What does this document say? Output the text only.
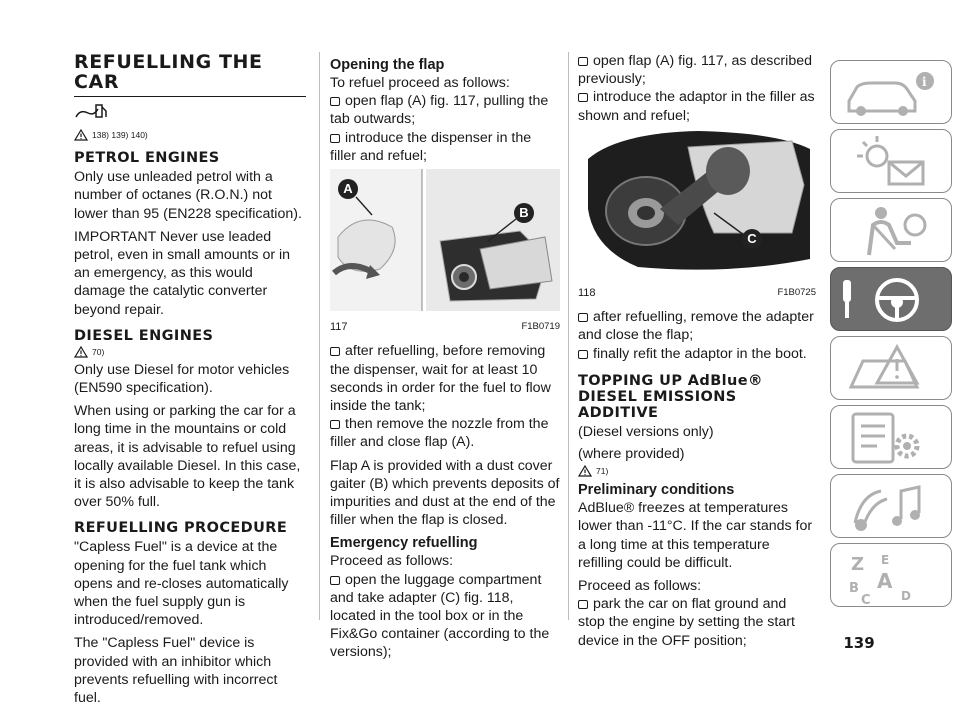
REFUELLING THE CAR
138) 139) 140)
PETROL ENGINES

Only use unleaded petrol with a number of octanes (R.O.N.) not lower than 95 (EN228 specification).

IMPORTANT Never use leaded petrol, even in small amounts or in an emergency, as this would damage the catalytic converter beyond repair.

DIESEL ENGINES
70)

Only use Diesel for motor vehicles (EN590 specification).

When using or parking the car for a long time in the mountains or cold areas, it is advisable to refuel using locally available Diesel. In this case, it is also advisable to keep the tank over 50% full.

REFUELLING PROCEDURE

"Capless Fuel" is a device at the opening for the fuel tank which opens and re-closes automatically when the fuel supply gun is introduced/removed.

The "Capless Fuel" device is provided with an inhibitor which prevents refuelling with incorrect fuel.

Opening the flap

To refuel proceed as follows:

open flap (A) fig. 117, pulling the tab outwards;
introduce the dispenser in the filler and refuel;
A
B
117	F1B0719
after refuelling, before removing the dispenser, wait for at least 10 seconds in order for the fuel to flow inside the tank;
then remove the nozzle from the filler and close flap (A).

Flap A is provided with a dust cover gaiter (B) which prevents deposits of impurities and dust at the end of the filler when the flap is closed.

Emergency refuelling

Proceed as follows:

open the luggage compartment and take adapter (C) fig. 118, located in the tool box or in the Fix&Go container (according to the versions);
open flap (A) fig. 117, as described previously;
introduce the adaptor in the filler as shown and refuel;
C
118	F1B0725
after refuelling, remove the adapter and close the flap;
finally refit the adaptor in the boot.
TOPPING UP AdBlue® DIESEL EMISSIONS ADDITIVE

(Diesel versions only)

(where provided)

71)
Preliminary conditions

AdBlue® freezes at temperatures lower than -11°C. If the car stands for a long time at this temperature refilling could be difficult.

Proceed as follows:

park the car on flat ground and stop the engine by setting the start device in the OFF position;	139
i
Z E
B A
C	D
